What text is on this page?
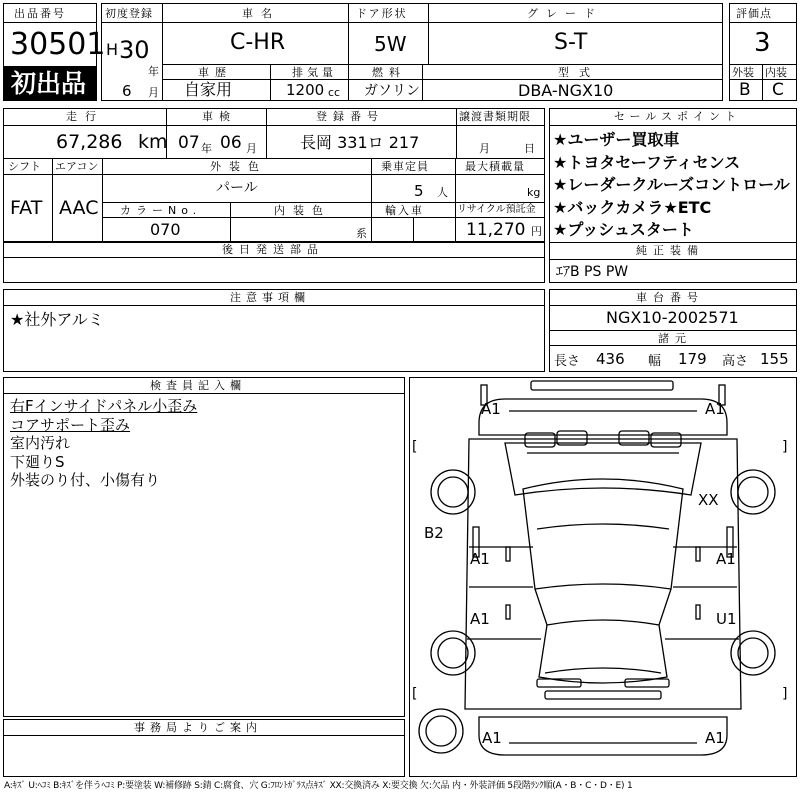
出品番号
30501
初出品
初度登録
H 30
年
6 月
車名
C-HR
ドア形状
5W
グレード
S-T
車歴
自家用
排気量
1200 cc
燃料
ガソリン
型式
DBA-NGX10
評価点
3
外装 内装
B C
走行
67,286 km
車検
07 年 06 月
登録番号
長岡 331ロ 217
譲渡書類期限
月	日
シフト
FAT
エアコン
AAC
外装色
パール
乗車定員
5 人
最大積載量
kg
カラーNo.
070
内装色
系
輸入車	リサイクル預託金
11,270 円
後日発送部品
セールスポイント
★ユーザー買取車
★トヨタセーフティセンス
★レーダークルーズコントロール
★バックカメラ★ETC
★プッシュスタート
純正装備
ｴｱB PS PW
注意事項欄
★社外アルミ
車台番号
NGX10-2002571
諸元
長さ 436 幅 179 高さ 155
検査員記入欄
右Fインサイドパネル小歪み
コアサポート歪み
室内汚れ
下廻りS
外装のり付、小傷有り
事務局よりご案内
A1	A1
XX
B2
A1	A1
A1	U1
A1	A1
[	]
[	]
A:ｷｽﾞ U:ﾍｺﾐ B:ｷｽﾞを伴うﾍｺﾐ P:要塗装 W:補修跡 S:錆 C:腐食、穴 G:ﾌﾛﾝﾄｶﾞﾗｽ点ｷｽﾞ XX:交換済み X:要交換 欠:欠品 内・外装評価 5段階ﾗﾝｸ順(A・B・C・D・E) 1
